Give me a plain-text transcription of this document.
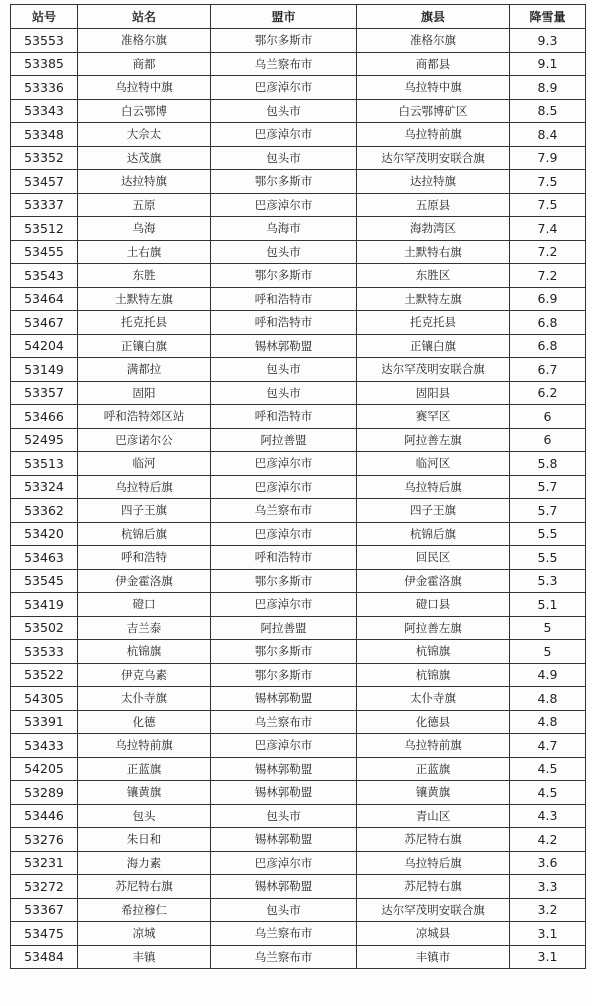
站号	站名	盟市	旗县	降雪量
53553	准格尔旗	鄂尔多斯市	准格尔旗	9.3
53385	商都	乌兰察布市	商都县	9.1
53336	乌拉特中旗	巴彦淖尔市	乌拉特中旗	8.9
53343	白云鄂博	包头市	白云鄂博矿区	8.5
53348	大佘太	巴彦淖尔市	乌拉特前旗	8.4
53352	达茂旗	包头市	达尔罕茂明安联合旗	7.9
53457	达拉特旗	鄂尔多斯市	达拉特旗	7.5
53337	五原	巴彦淖尔市	五原县	7.5
53512	乌海	乌海市	海勃湾区	7.4
53455	土右旗	包头市	土默特右旗	7.2
53543	东胜	鄂尔多斯市	东胜区	7.2
53464	土默特左旗	呼和浩特市	土默特左旗	6.9
53467	托克托县	呼和浩特市	托克托县	6.8
54204	正镶白旗	锡林郭勒盟	正镶白旗	6.8
53149	满都拉	包头市	达尔罕茂明安联合旗	6.7
53357	固阳	包头市	固阳县	6.2
53466	呼和浩特郊区站	呼和浩特市	赛罕区	6
52495	巴彦诺尔公	阿拉善盟	阿拉善左旗	6
53513	临河	巴彦淖尔市	临河区	5.8
53324	乌拉特后旗	巴彦淖尔市	乌拉特后旗	5.7
53362	四子王旗	乌兰察布市	四子王旗	5.7
53420	杭锦后旗	巴彦淖尔市	杭锦后旗	5.5
53463	呼和浩特	呼和浩特市	回民区	5.5
53545	伊金霍洛旗	鄂尔多斯市	伊金霍洛旗	5.3
53419	磴口	巴彦淖尔市	磴口县	5.1
53502	吉兰泰	阿拉善盟	阿拉善左旗	5
53533	杭锦旗	鄂尔多斯市	杭锦旗	5
53522	伊克乌素	鄂尔多斯市	杭锦旗	4.9
54305	太仆寺旗	锡林郭勒盟	太仆寺旗	4.8
53391	化德	乌兰察布市	化德县	4.8
53433	乌拉特前旗	巴彦淖尔市	乌拉特前旗	4.7
54205	正蓝旗	锡林郭勒盟	正蓝旗	4.5
53289	镶黄旗	锡林郭勒盟	镶黄旗	4.5
53446	包头	包头市	青山区	4.3
53276	朱日和	锡林郭勒盟	苏尼特右旗	4.2
53231	海力素	巴彦淖尔市	乌拉特后旗	3.6
53272	苏尼特右旗	锡林郭勒盟	苏尼特右旗	3.3
53367	希拉穆仁	包头市	达尔罕茂明安联合旗	3.2
53475	凉城	乌兰察布市	凉城县	3.1
53484	丰镇	乌兰察布市	丰镇市	3.1
